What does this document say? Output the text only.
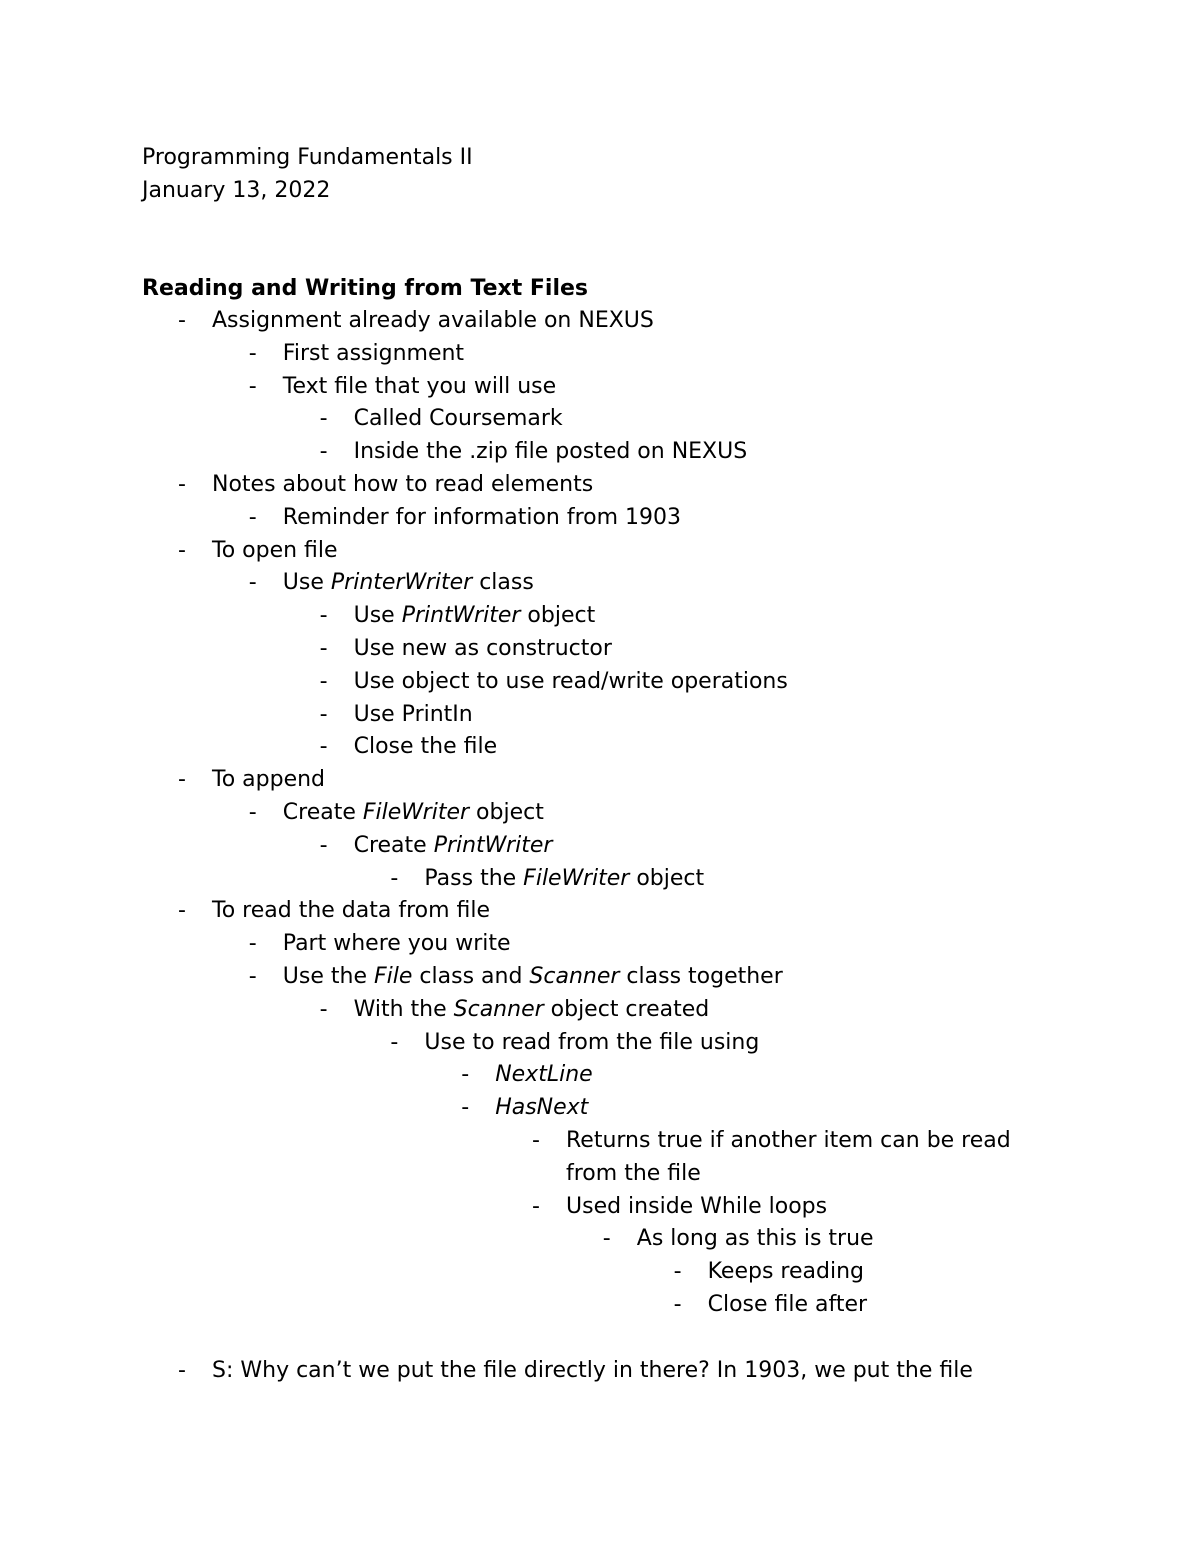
Programming Fundamentals II
January 13, 2022
Reading and Writing from Text Files
- Assignment already available on NEXUS
- First assignment
- Text file that you will use
- Called Coursemark
- Inside the .zip file posted on NEXUS
- Notes about how to read elements
- Reminder for information from 1903
- To open file
- Use PrinterWriter class
- Use PrintWriter object
- Use new as constructor
- Use object to use read/write operations
- Use PrintIn
- Close the file
- To append
- Create FileWriter object
- Create PrintWriter
- Pass the FileWriter object
- To read the data from file
- Part where you write
- Use the File class and Scanner class together
- With the Scanner object created
- Use to read from the file using
- NextLine
- HasNext
- Returns true if another item can be read from the file
- Used inside While loops
- As long as this is true
- Keeps reading
- Close file after
- S: Why can’t we put the file directly in there? In 1903, we put the file
